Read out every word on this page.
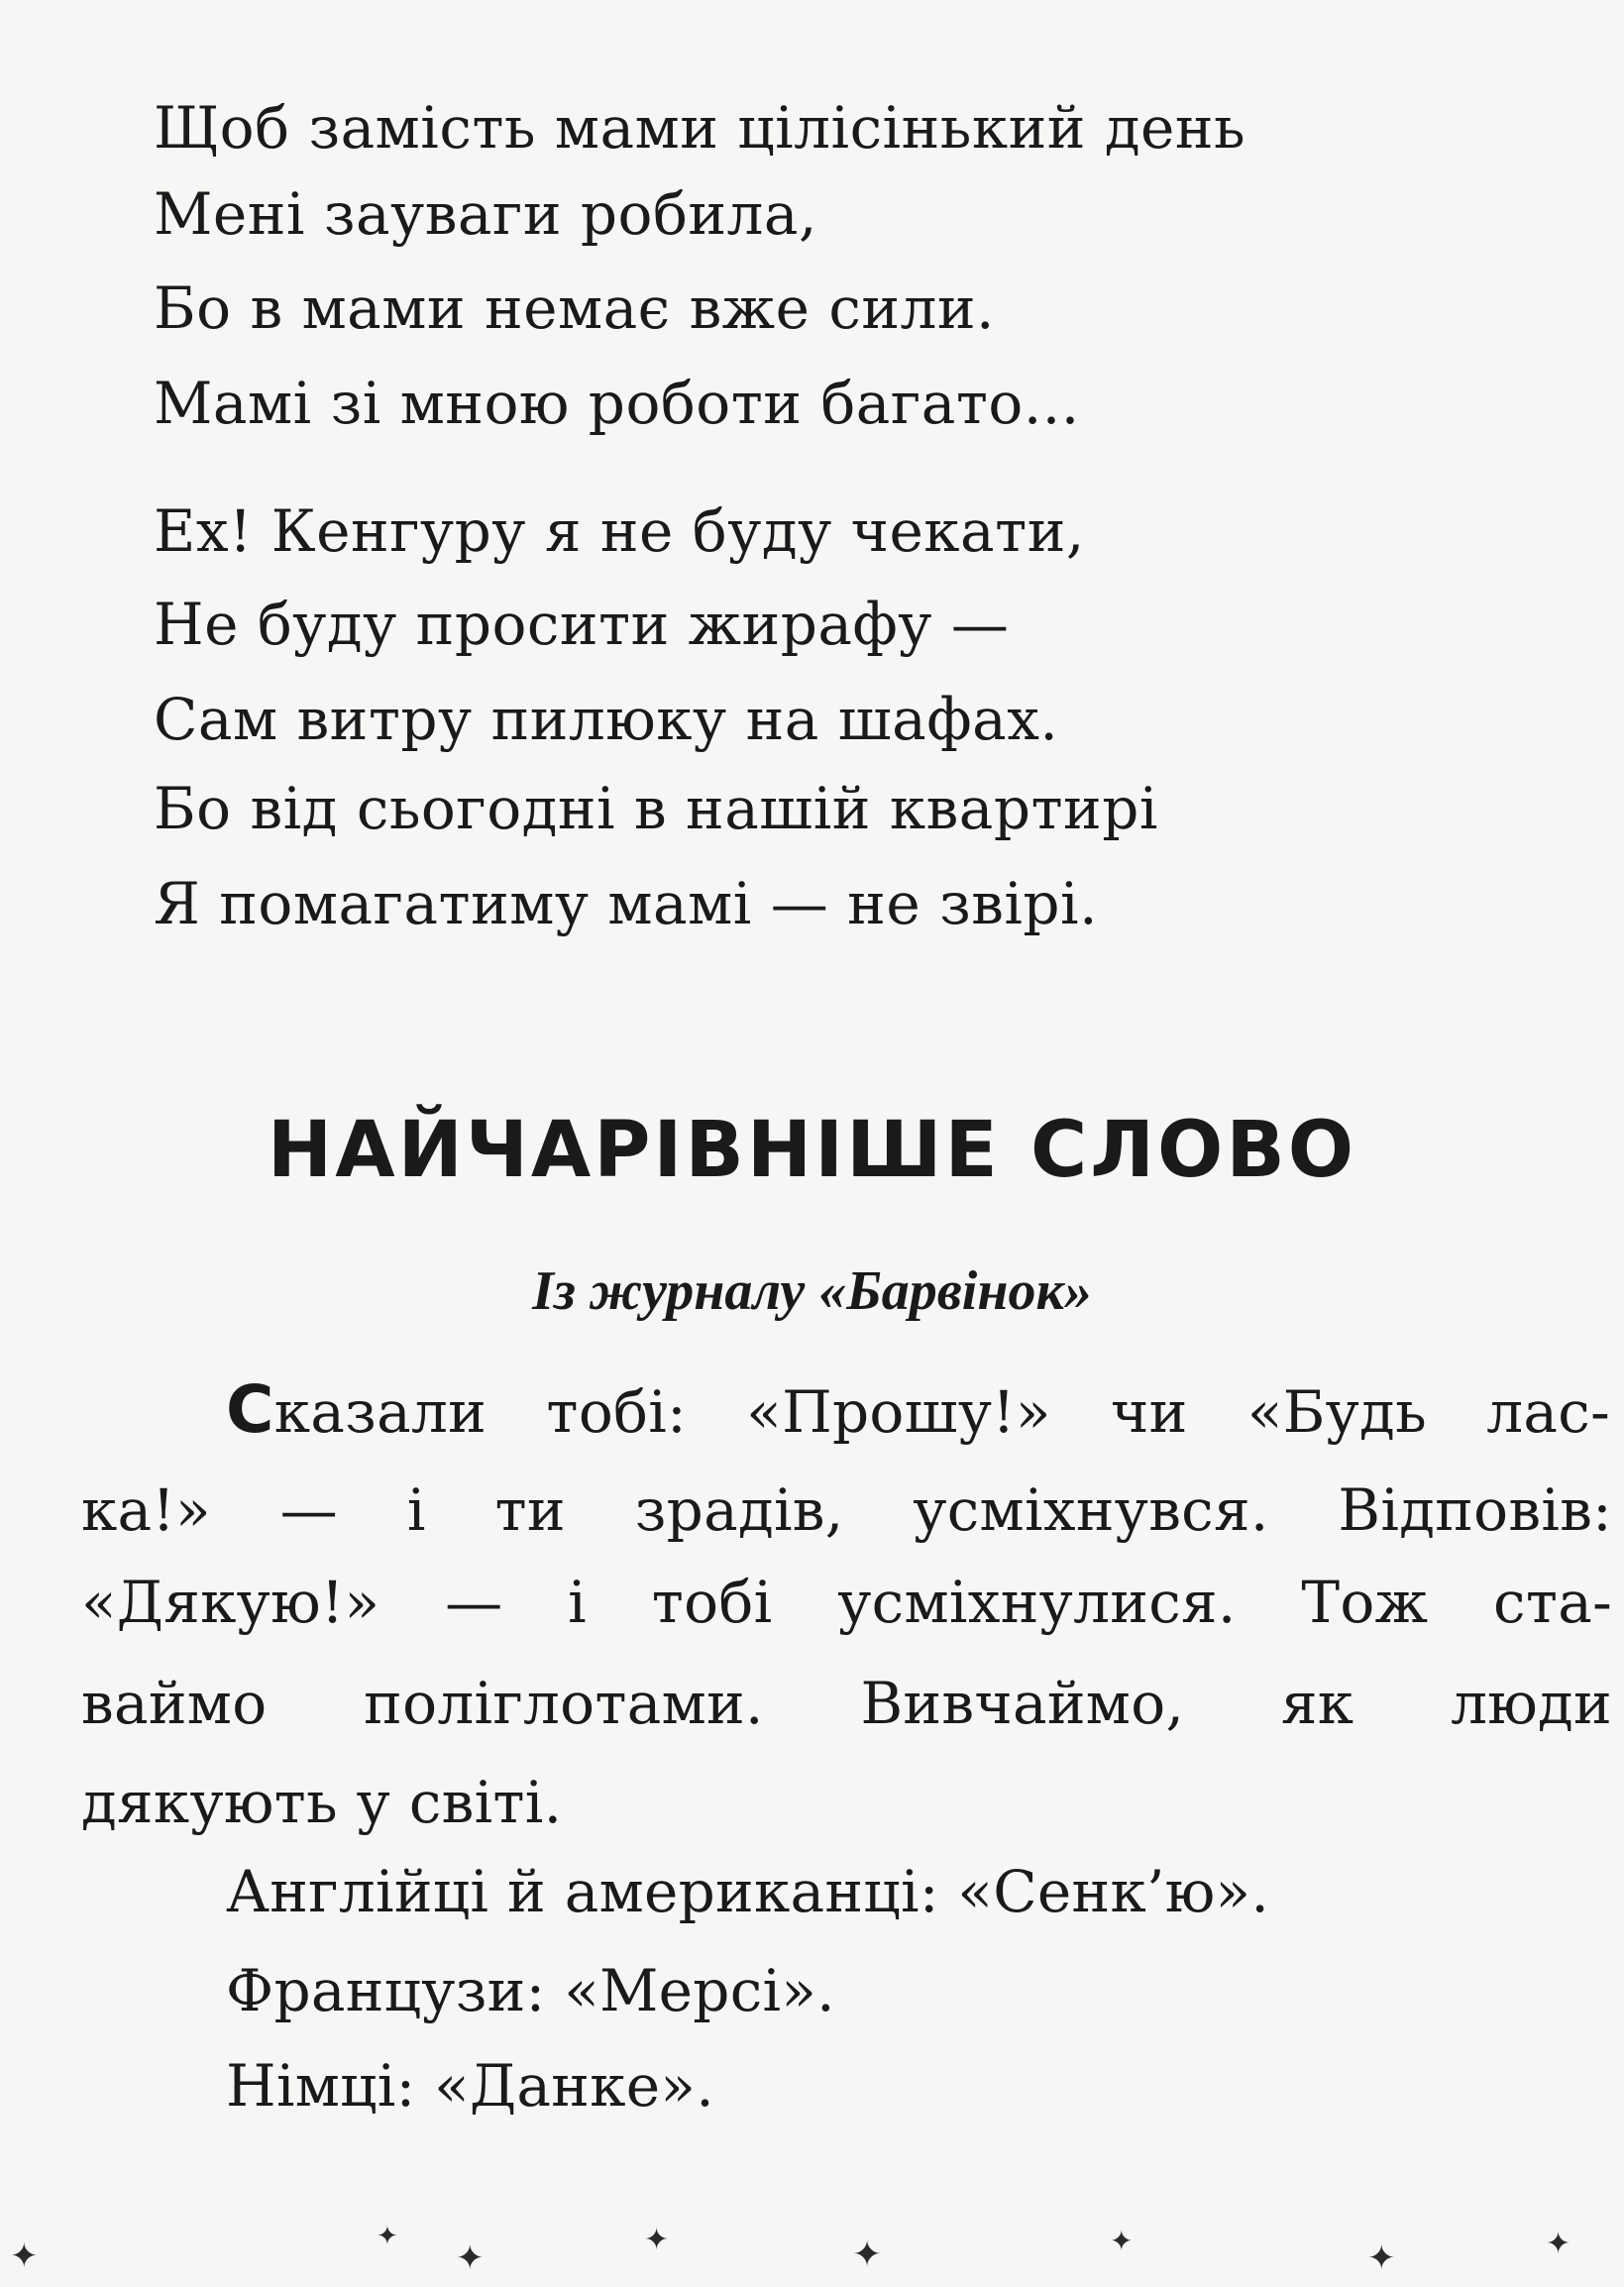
Щоб замість мами цілісінький день
Мені зауваги робила,
Бо в мами немає вже сили.
Мамі зі мною роботи багато...
Ех! Кенгуру я не буду чекати,
Не буду просити жирафу —
Сам витру пилюку на шафах.
Бо від сьогодні в нашій квартирі
Я помагатиму мамі — не звірі.
НАЙЧАРІВНІШЕ СЛОВО
Із журналу «Барвінок»
Сказали тобі: «Прошу!» чи «Будь лас-
ка!» — і ти зрадів, усміхнувся. Відповів:
«Дякую!» — і тобі усміхнулися. Тож ста-
ваймо поліглотами. Вивчаймо, як люди
дякують у світі.
Англійці й американці: «Сенк’ю».
Французи: «Мерсі».
Німці: «Данке».
✦	✦
✦	✦	✦	✦	✦	✦
